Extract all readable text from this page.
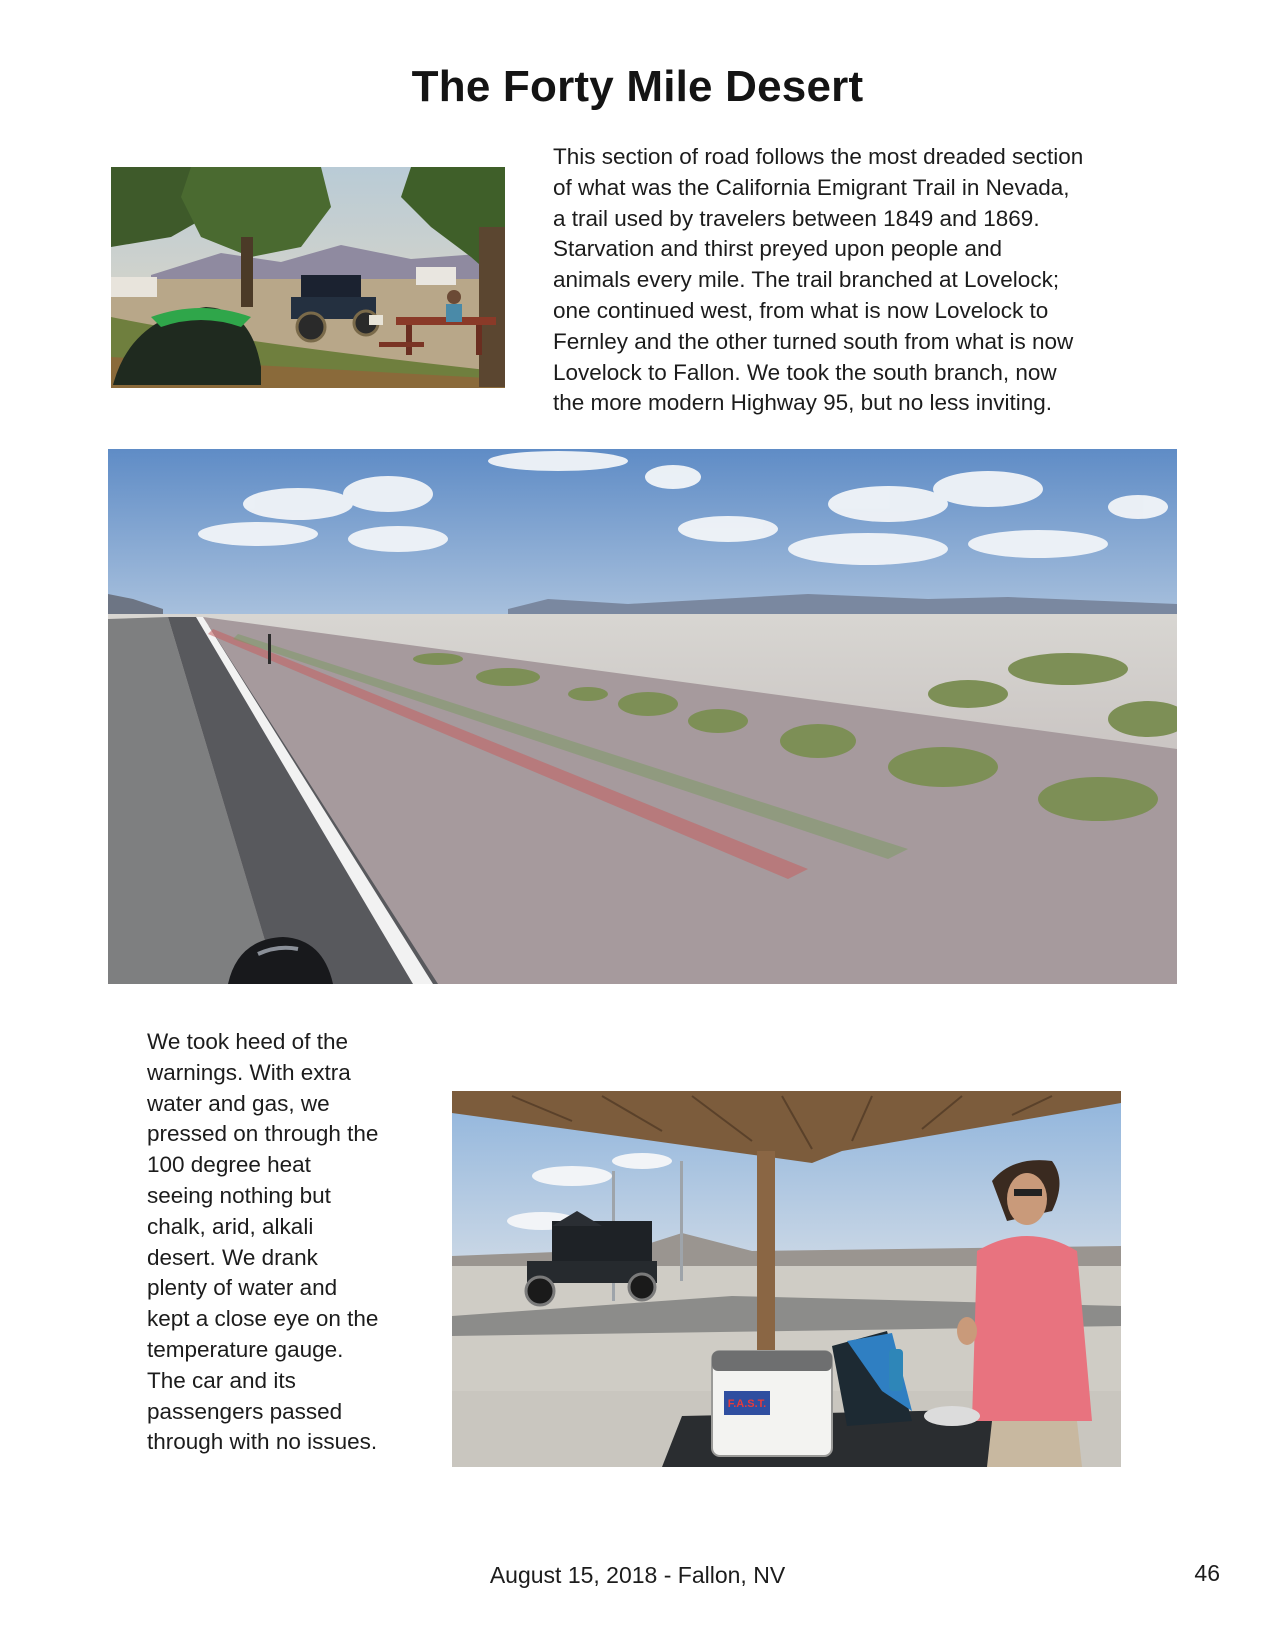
The Forty Mile Desert
This section of road follows the most dreaded section
of what was the California Emigrant Trail in Nevada,
a trail used by travelers between 1849 and 1869.
Starvation and thirst preyed upon people and
animals every mile. The trail branched at Lovelock;
one continued west, from what is now Lovelock to
Fernley and the other turned south from what is now
Lovelock to Fallon. We took the south branch, now
the more modern Highway 95, but no less inviting.
We took heed of the
warnings. With extra
water and gas, we
pressed on through the
100 degree heat
seeing nothing but
chalk, arid, alkali
desert. We drank
plenty of water and
kept a close eye on the
temperature gauge.
The car and its
passengers passed
through with no issues.
F.A.S.T.
August 15, 2018 - Fallon, NV	46
